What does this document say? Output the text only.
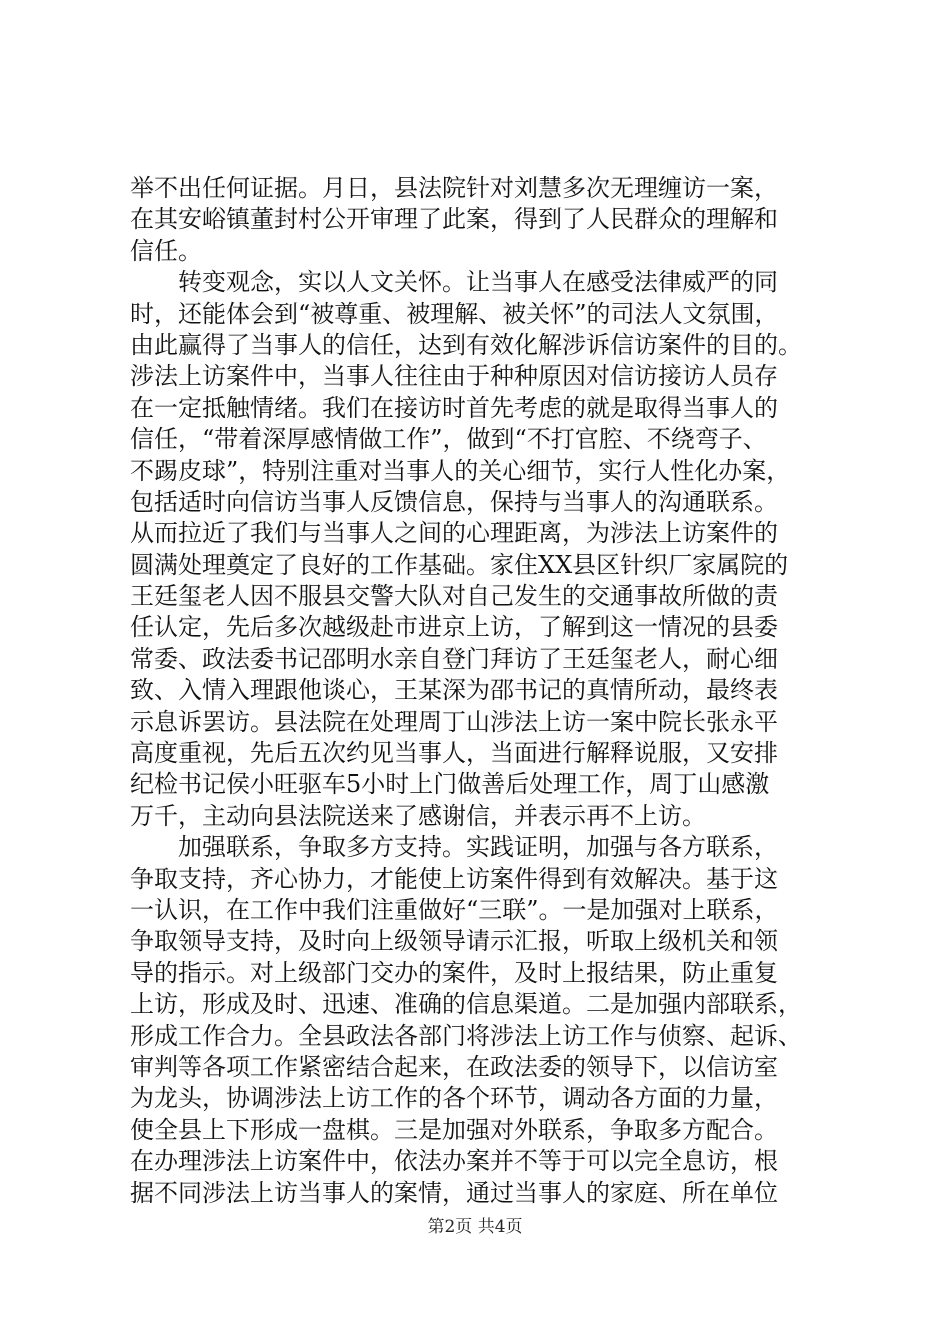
举不出任何证据。月日，县法院针对刘慧多次无理缠访一案，
在其安峪镇董封村公开审理了此案，得到了人民群众的理解和
信任。
转变观念，实以人文关怀。让当事人在感受法律威严的同
时，还能体会到“被尊重、被理解、被关怀”的司法人文氛围，
由此赢得了当事人的信任，达到有效化解涉诉信访案件的目的。
涉法上访案件中，当事人往往由于种种原因对信访接访人员存
在一定抵触情绪。我们在接访时首先考虑的就是取得当事人的
信任，“带着深厚感情做工作”，做到“不打官腔、不绕弯子、
不踢皮球”，特别注重对当事人的关心细节，实行人性化办案，
包括适时向信访当事人反馈信息，保持与当事人的沟通联系。
从而拉近了我们与当事人之间的心理距离，为涉法上访案件的
圆满处理奠定了良好的工作基础。家住XX县区针织厂家属院的
王廷玺老人因不服县交警大队对自己发生的交通事故所做的责
任认定，先后多次越级赴市进京上访，了解到这一情况的县委
常委、政法委书记邵明水亲自登门拜访了王廷玺老人，耐心细
致、入情入理跟他谈心，王某深为邵书记的真情所动，最终表
示息诉罢访。县法院在处理周丁山涉法上访一案中院长张永平
高度重视，先后五次约见当事人，当面进行解释说服，又安排
纪检书记侯小旺驱车5小时上门做善后处理工作，周丁山感激
万千，主动向县法院送来了感谢信，并表示再不上访。
加强联系，争取多方支持。实践证明，加强与各方联系，
争取支持，齐心协力，才能使上访案件得到有效解决。基于这
一认识，在工作中我们注重做好“三联”。一是加强对上联系，
争取领导支持，及时向上级领导请示汇报，听取上级机关和领
导的指示。对上级部门交办的案件，及时上报结果，防止重复
上访，形成及时、迅速、准确的信息渠道。二是加强内部联系，
形成工作合力。全县政法各部门将涉法上访工作与侦察、起诉、
审判等各项工作紧密结合起来，在政法委的领导下，以信访室
为龙头，协调涉法上访工作的各个环节，调动各方面的力量，
使全县上下形成一盘棋。三是加强对外联系，争取多方配合。
在办理涉法上访案件中，依法办案并不等于可以完全息访，根
据不同涉法上访当事人的案情，通过当事人的家庭、所在单位
第2页 共4页
